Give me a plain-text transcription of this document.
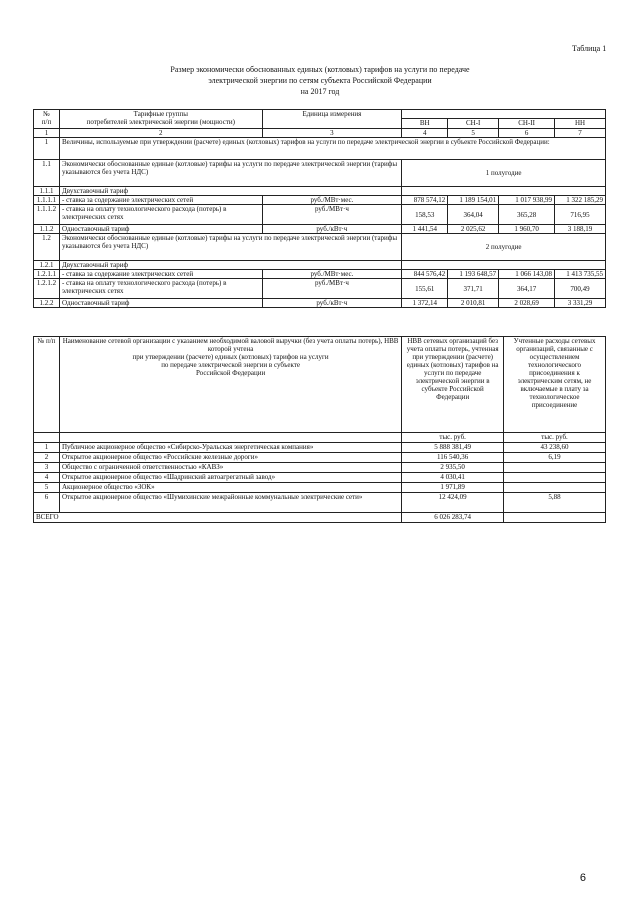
Таблица 1
Размер экономически обоснованных единых (котловых) тарифов на услуги по передаче
электрической энергии по сетям субъекта Российской Федерации
на 2017 год
№
п/п	Тарифные группы
потребителей электрической энергии (мощности)	Единица измерения				
			ВН	СН-I	СН-II	НН
1	2	3	4	5	6	7
1	Величины, используемые при утверждении (расчете) единых (котловых) тарифов на услуги по передаче электрической энергии в субъекте Российской Федерации:					
1.1	Экономически обоснованные единые (котловые) тарифы на услуги по передаче электрической энергии (тарифы указываются без учета НДС)		1 полугодие			
1.1.1	Двухставочный тариф					
1.1.1.1	- ставка за содержание электрических сетей	руб./МВт·мес.	878 574,12	1 189 154,01	1 017 938,99	1 322 185,29
1.1.1.2	- ставка на оплату технологического расхода (потерь) в электрических сетях	руб./МВт·ч	158,53	364,04	365,28	716,95
1.1.2	Одноставочный тариф	руб./кВт·ч	1 441,54	2 025,62	1 960,70	3 188,19
1.2	Экономически обоснованные единые (котловые) тарифы на услуги по передаче электрической энергии (тарифы указываются без учета НДС)		2 полугодие			
1.2.1	Двухставочный тариф					
1.2.1.1	- ставка за содержание электрических сетей	руб./МВт·мес.	844 576,42	1 193 648,57	1 066 143,08	1 413 735,55
1.2.1.2	- ставка на оплату технологического расхода (потерь) в электрических сетях	руб./МВт·ч	155,61	371,71	364,17	700,49
1.2.2	Одноставочный тариф	руб./кВт·ч	1 372,14	2 010,81	2 028,69	3 331,29
№ п/п	Наименование сетевой организации с указанием необходимой валовой выручки (без учета оплаты потерь), НВВ которой учтена
при утверждении (расчете) единых (котловых) тарифов на услуги
по передаче электрической энергии в субъекте
Российской Федерации	НВВ сетевых организаций без учета оплаты потерь, учтенная при утверждении (расчете) единых (котловых) тарифов на услуги по передаче электрической энергии в субъекте Российской Федерации	Учтенные расходы сетевых организаций, связанные с осуществлением технологического присоединения к электрическим сетям, не включаемые в плату за технологическое присоединение
		тыс. руб.	тыс. руб.
1	Публичное акционерное общество «Сибирско-Уральская энергетическая компания»	5 888 381,49	43 238,60
2	Открытое акционерное общество «Российские железные дороги»	116 540,36	6,19
3	Общество с ограниченной ответственностью «КАВЗ»	2 935,50	
4	Открытое акционерное общество «Шадринский автоагрегатный завод»	4 030,41	
5	Акционерное общество «ЗОК»	1 971,89	
6	Открытое акционерное общество «Шумихинские межрайонные коммунальные электрические сети»	12 424,09	5,88
ВСЕГО		6 026 283,74	
6
